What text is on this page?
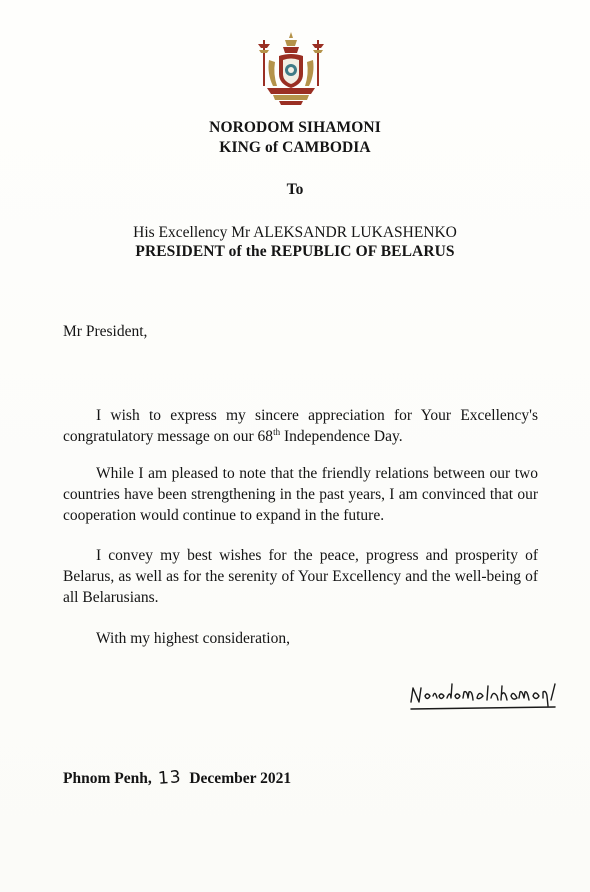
NORODOM SIHAMONI
KING of CAMBODIA
To
His Excellency Mr ALEKSANDR LUKASHENKO
PRESIDENT of the REPUBLIC OF BELARUS
Mr President,
I wish to express my sincere appreciation for Your Excellency's congratulatory message on our 68th Independence Day.
While I am pleased to note that the friendly relations between our two countries have been strengthening in the past years, I am convinced that our cooperation would continue to expand in the future.
I convey my best wishes for the peace, progress and prosperity of Belarus, as well as for the serenity of Your Excellency and the well-being of all Belarusians.
With my highest consideration,
Phnom Penh, 13 December 2021
